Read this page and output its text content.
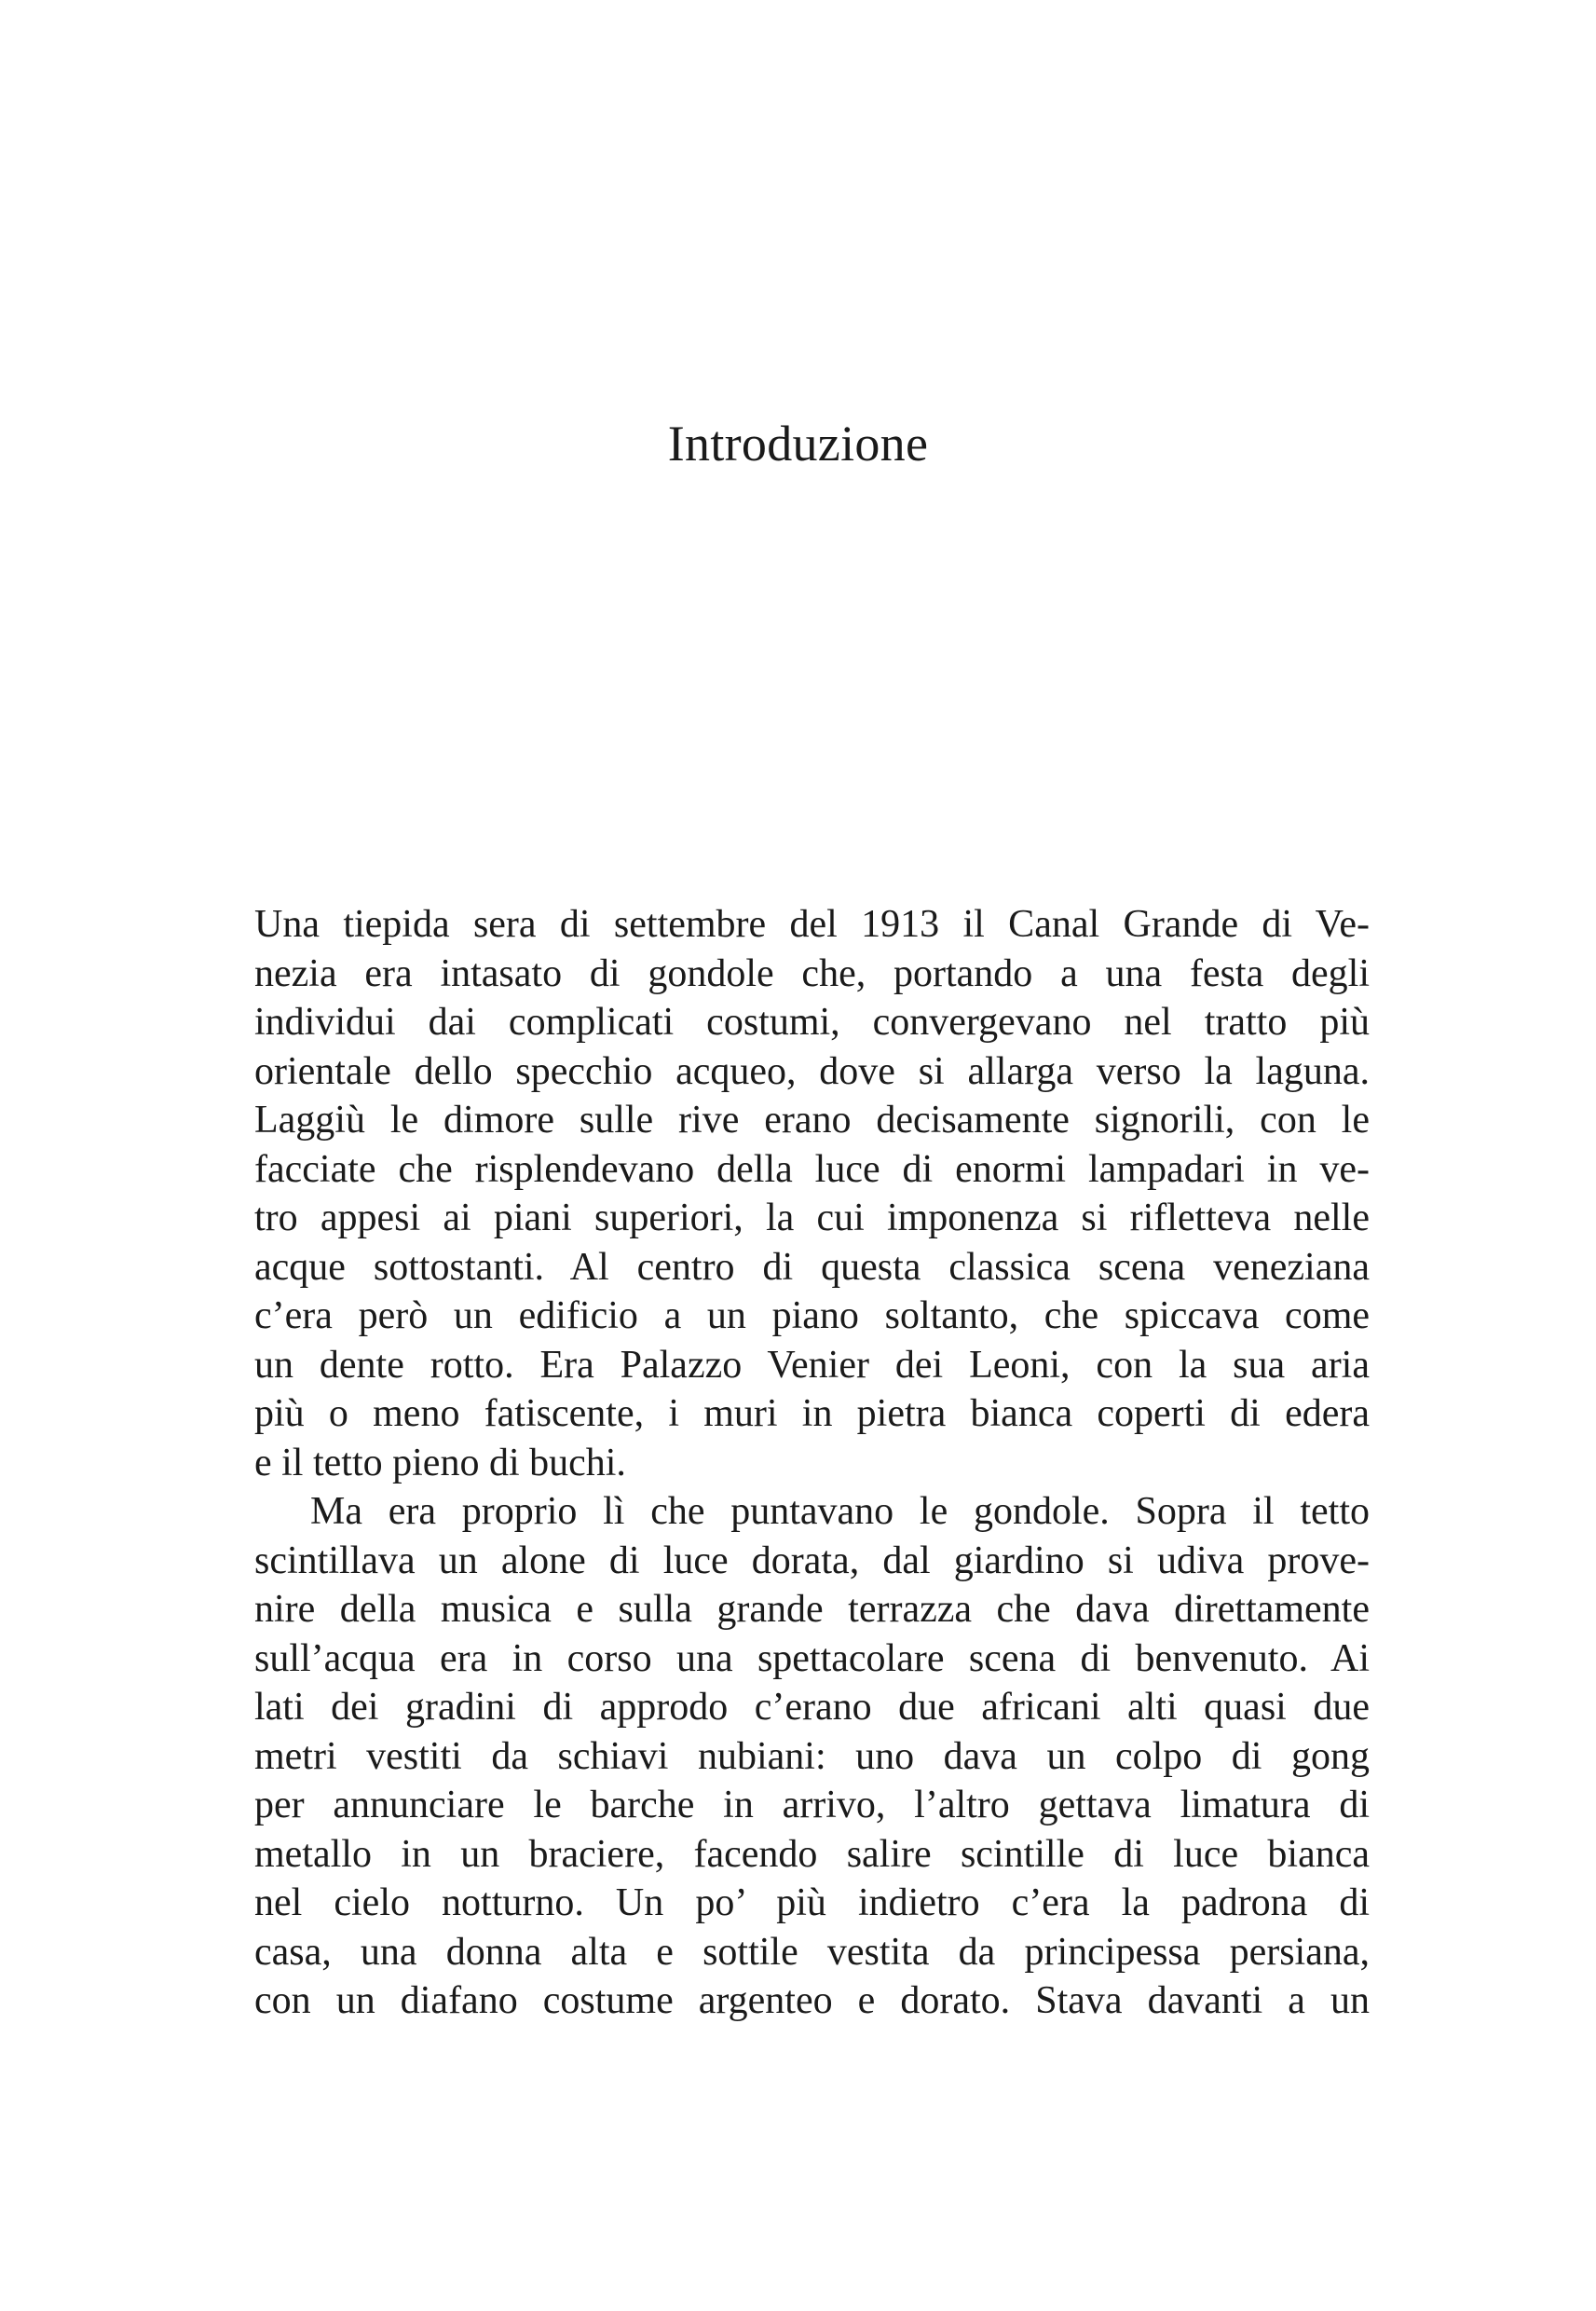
Introduzione
Una tiepida sera di settembre del 1913 il Canal Grande di Ve-
nezia era intasato di gondole che, portando a una festa degli
individui dai complicati costumi, convergevano nel tratto più
orientale dello specchio acqueo, dove si allarga verso la laguna.
Laggiù le dimore sulle rive erano decisamente signorili, con le
facciate che risplendevano della luce di enormi lampadari in ve-
tro appesi ai piani superiori, la cui imponenza si rifletteva nelle
acque sottostanti. Al centro di questa classica scena veneziana
c’era però un edificio a un piano soltanto, che spiccava come
un dente rotto. Era Palazzo Venier dei Leoni, con la sua aria
più o meno fatiscente, i muri in pietra bianca coperti di edera
e il tetto pieno di buchi.
Ma era proprio lì che puntavano le gondole. Sopra il tetto
scintillava un alone di luce dorata, dal giardino si udiva prove-
nire della musica e sulla grande terrazza che dava direttamente
sull’acqua era in corso una spettacolare scena di benvenuto. Ai
lati dei gradini di approdo c’erano due africani alti quasi due
metri vestiti da schiavi nubiani: uno dava un colpo di gong
per annunciare le barche in arrivo, l’altro gettava limatura di
metallo in un braciere, facendo salire scintille di luce bianca
nel cielo notturno. Un po’ più indietro c’era la padrona di
casa, una donna alta e sottile vestita da principessa persiana,
con un diafano costume argenteo e dorato. Stava davanti a un
